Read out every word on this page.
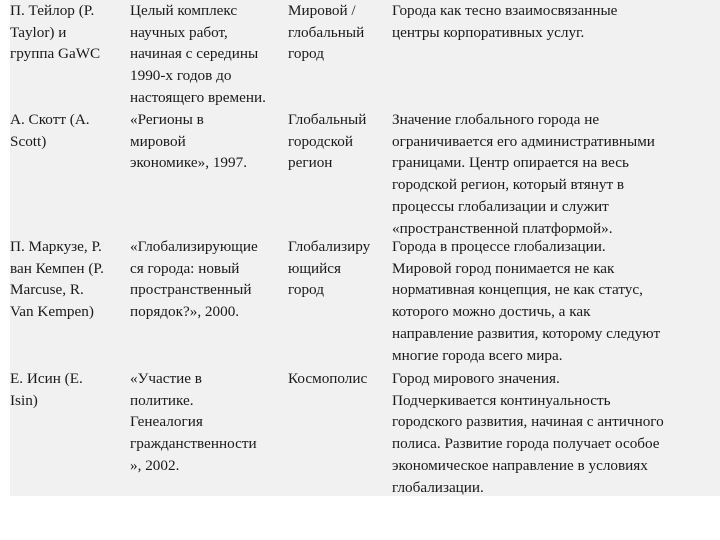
П. Тейлор (P.
Taylor) и
группа GaWC
Целый комплекс
научных работ,
начиная с середины
1990-х годов до
настоящего времени.
Мировой /
глобальный
город
Города как тесно взаимосвязанные
центры корпоративных услуг.
А. Скотт (A.
Scott)
«Регионы в
мировой
экономике», 1997.
Глобальный
городской
регион
Значение глобального города не
ограничивается его административными
границами. Центр опирается на весь
городской регион, который втянут в
процессы глобализации и служит
«пространственной платформой».
П. Маркузе, Р.
ван Кемпен (P.
Marcuse, R.
Van Kempen)
«Глобализирующие
ся города: новый
пространственный
порядок?», 2000.
Глобализиру
ющийся
город
Города в процессе глобализации.
Мировой город понимается не как
нормативная концепция, не как статус,
которого можно достичь, а как
направление развития, которому следуют
многие города всего мира.
Е. Исин (E.
Isin)
«Участие в
политике.
Генеалогия
гражданственности
», 2002.
Космополис	Город мирового значения.
Подчеркивается континуальность
городского развития, начиная с античного
полиса. Развитие города получает особое
экономическое направление в условиях
глобализации.
